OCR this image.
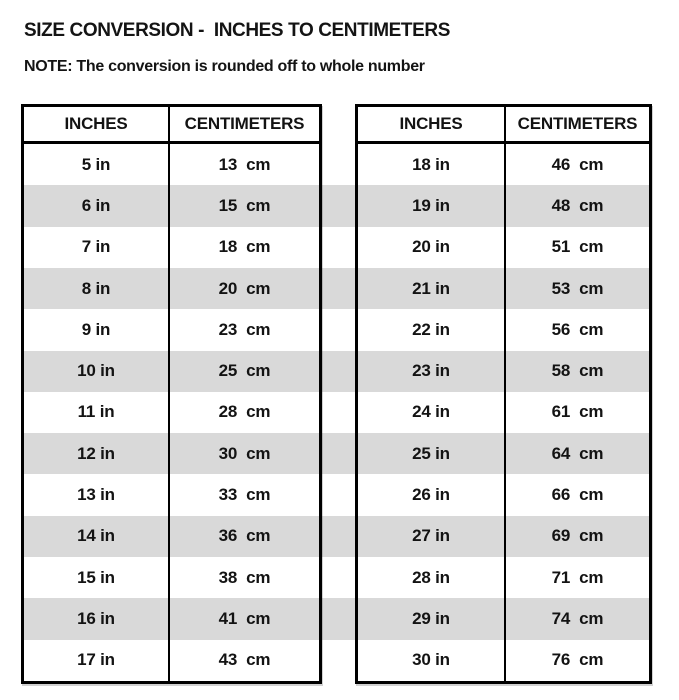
SIZE CONVERSION -  INCHES TO CENTIMETERS

NOTE: The conversion is rounded off to whole number

INCHES	CENTIMETERS
5 in	13  cm
6 in	15  cm
7 in	18  cm
8 in	20  cm
9 in	23  cm
10 in	25  cm
11 in	28  cm
12 in	30  cm
13 in	33  cm
14 in	36  cm
15 in	38  cm
16 in	41  cm
17 in	43  cm
INCHES	CENTIMETERS
18 in	46  cm
19 in	48  cm
20 in	51  cm
21 in	53  cm
22 in	56  cm
23 in	58  cm
24 in	61  cm
25 in	64  cm
26 in	66  cm
27 in	69  cm
28 in	71  cm
29 in	74  cm
30 in	76  cm
